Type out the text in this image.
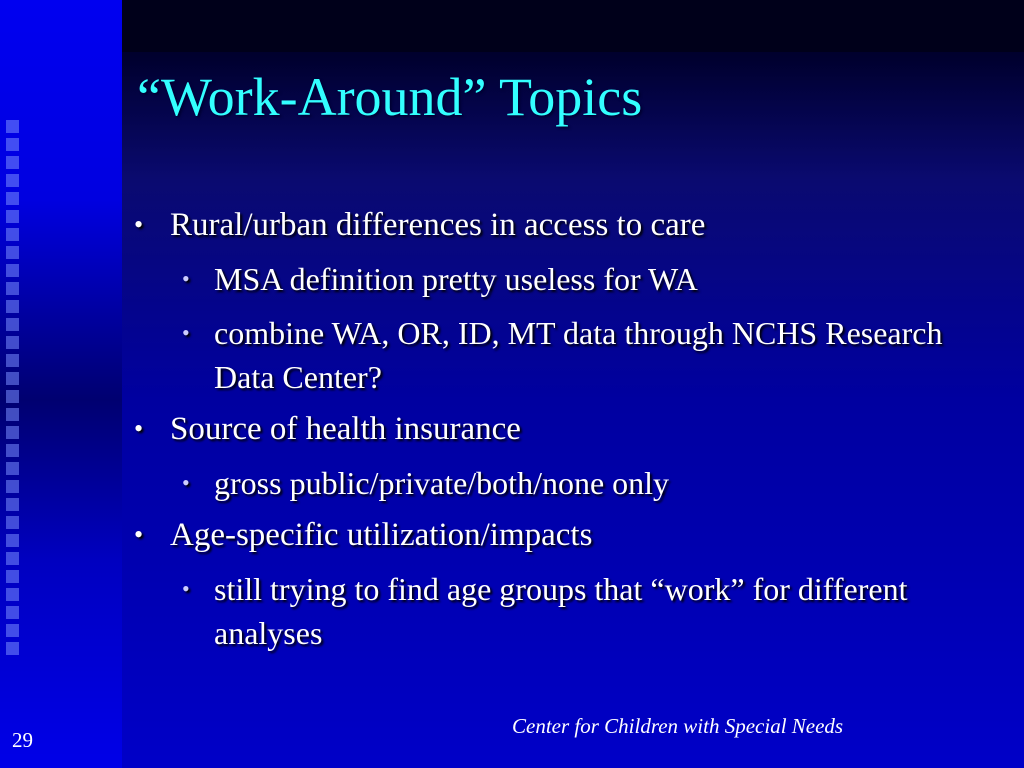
“Work-Around” Topics
• Rural/urban differences in access to care
• MSA definition pretty useless for WA
• combine WA, OR, ID, MT data through NCHS Research Data Center?
• Source of health insurance
• gross public/private/both/none only
• Age-specific utilization/impacts
• still trying to find age groups that “work” for different analyses
Center for Children with Special Needs
29
